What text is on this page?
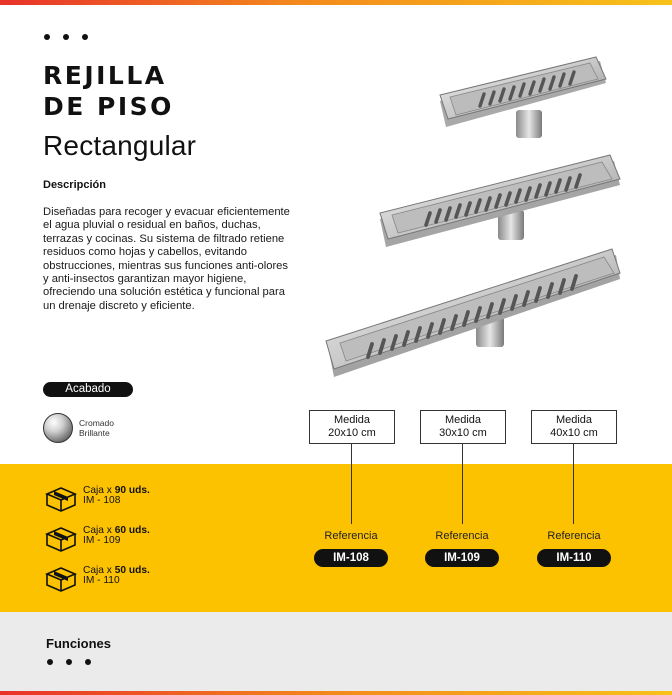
REJILLA
DE PISO
Rectangular
Descripción
Diseñadas para recoger y evacuar eficientemente
el agua pluvial o residual en baños, duchas,
terrazas y cocinas. Su sistema de filtrado retiene
residuos como hojas y cabellos, evitando
obstrucciones, mientras sus funciones anti-olores
y anti-insectos garantizan mayor higiene,
ofreciendo una solución estética y funcional para
un drenaje discreto y eficiente.
Acabado
Cromado
Brillante
Caja x 90 uds.
IM - 108
Caja x 60 uds.
IM - 109
Caja x 50 uds.
IM - 110
Medida
20x10 cm
Referencia
IM-108
Medida
30x10 cm
Referencia
IM-109
Medida
40x10 cm
Referencia
IM-110
Funciones
